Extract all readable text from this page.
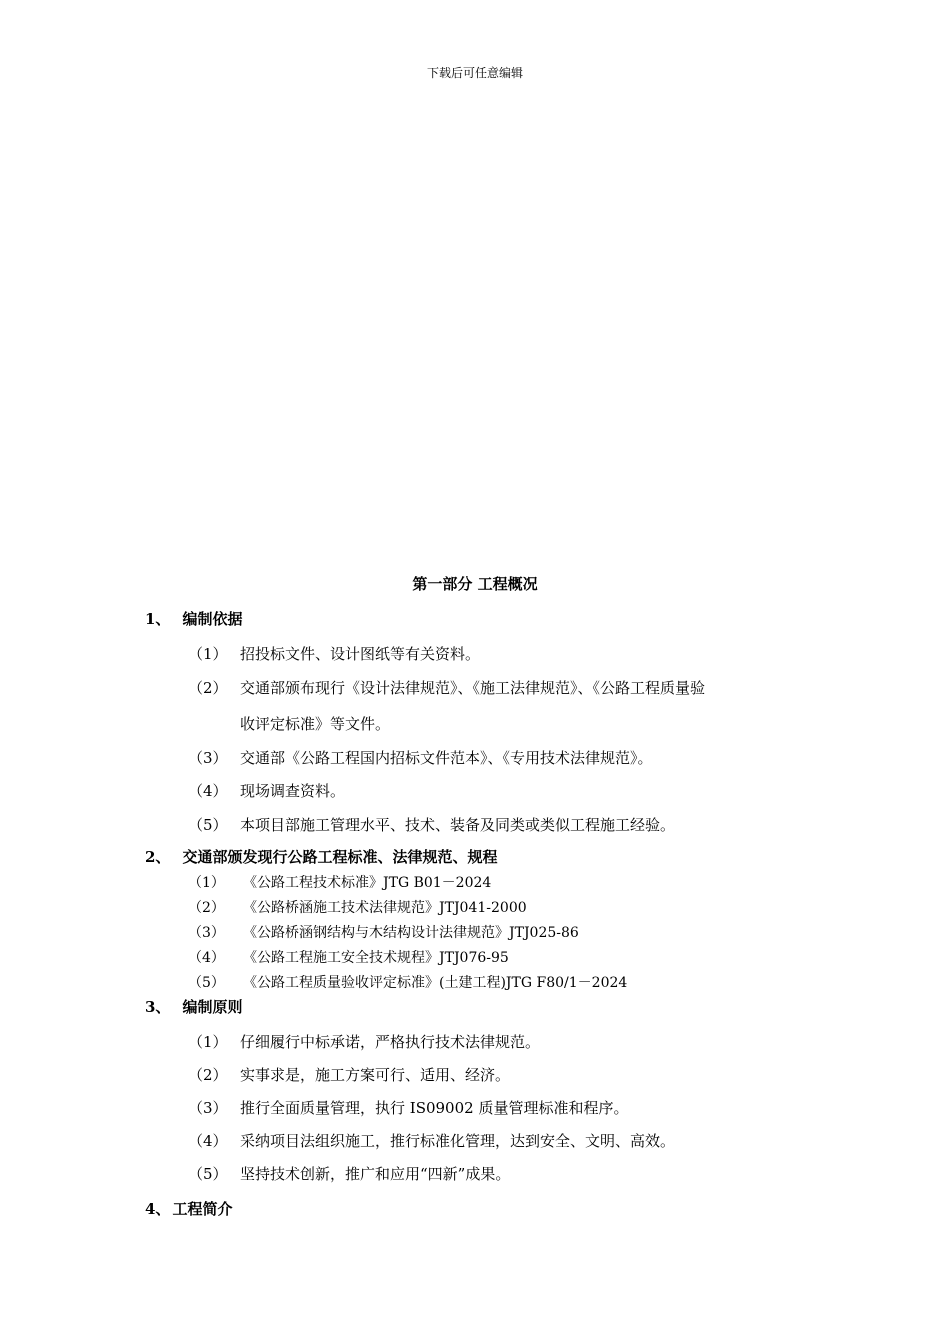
下载后可任意编辑
第一部分 工程概况
1、 编制依据
（1） 招投标文件、设计图纸等有关资料。
（2） 交通部颁布现行《设计法律规范》、《施工法律规范》、《公路工程质量验
收评定标准》等文件。
（3） 交通部《公路工程国内招标文件范本》、《专用技术法律规范》。
（4） 现场调查资料。
（5） 本项目部施工管理水平、技术、装备及同类或类似工程施工经验。
2、 交通部颁发现行公路工程标准、法律规范、规程
（1） 《公路工程技术标准》JTG B01－2024
（2） 《公路桥涵施工技术法律规范》JTJ041-2000
（3） 《公路桥涵钢结构与木结构设计法律规范》JTJ025-86
（4） 《公路工程施工安全技术规程》JTJ076-95
（5） 《公路工程质量验收评定标准》(土建工程)JTG F80/1－2024
3、 编制原则
（1） 仔细履行中标承诺，严格执行技术法律规范。
（2） 实事求是，施工方案可行、适用、经济。
（3） 推行全面质量管理，执行 IS09002 质量管理标准和程序。
（4） 采纳项目法组织施工，推行标准化管理，达到安全、文明、高效。
（5） 坚持技术创新，推广和应用“四新”成果。
4、 工程简介
